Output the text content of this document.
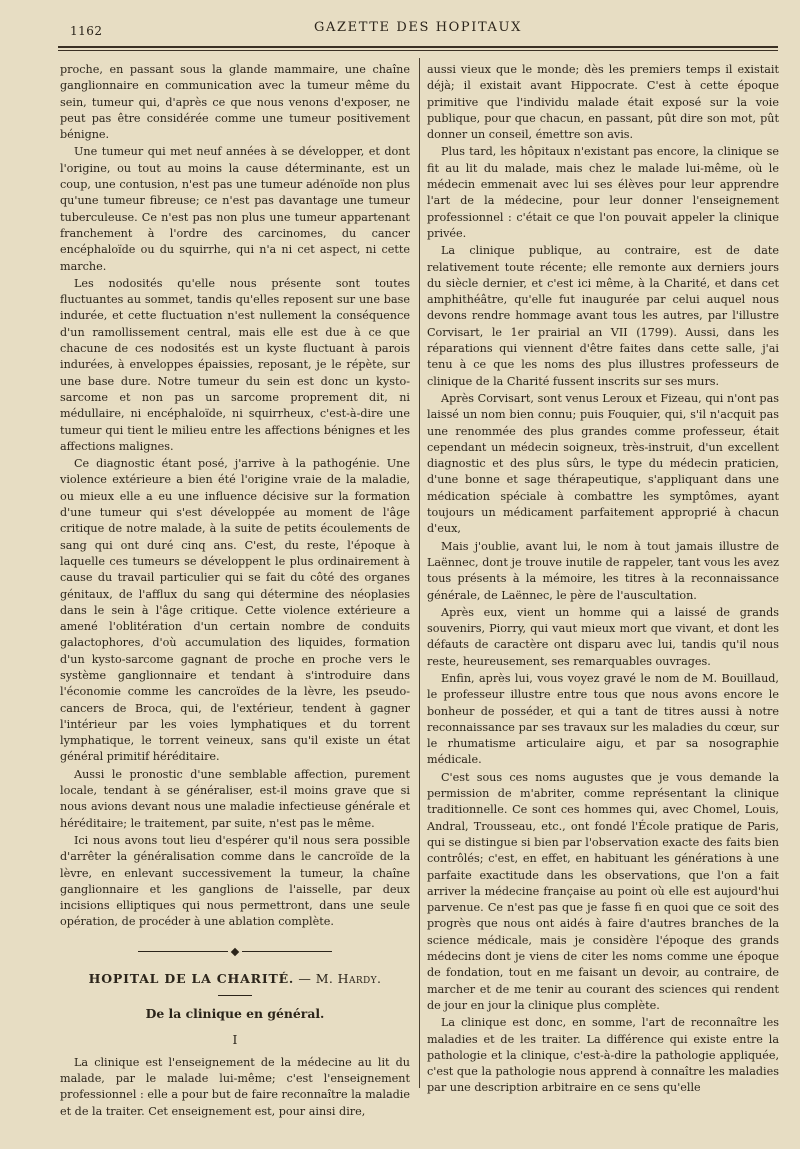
1162	GAZETTE DES HOPITAUX

proche, en passant sous la glande mammaire, une chaîne ganglionnaire en communication avec la tumeur même du sein, tumeur qui, d'après ce que nous venons d'exposer, ne peut pas être considérée comme une tumeur positivement bénigne.

Une tumeur qui met neuf années à se développer, et dont l'origine, ou tout au moins la cause déterminante, est un coup, une contusion, n'est pas une tumeur adénoïde non plus qu'une tumeur fibreuse; ce n'est pas davantage une tumeur tuberculeuse. Ce n'est pas non plus une tumeur appartenant franchement à l'ordre des carcinomes, du cancer encéphaloïde ou du squirrhe, qui n'a ni cet aspect, ni cette marche.

Les nodosités qu'elle nous présente sont toutes fluctuantes au sommet, tandis qu'elles reposent sur une base indurée, et cette fluctuation n'est nullement la conséquence d'un ramollissement central, mais elle est due à ce que chacune de ces nodosités est un kyste fluctuant à parois indurées, à enveloppes épaissies, reposant, je le répète, sur une base dure. Notre tumeur du sein est donc un kysto-sarcome et non pas un sarcome proprement dit, ni médullaire, ni encéphaloïde, ni squirrheux, c'est-à-dire une tumeur qui tient le milieu entre les affections bénignes et les affections malignes.

Ce diagnostic étant posé, j'arrive à la pathogénie. Une violence extérieure a bien été l'origine vraie de la maladie, ou mieux elle a eu une influence décisive sur la formation d'une tumeur qui s'est développée au moment de l'âge critique de notre malade, à la suite de petits écoulements de sang qui ont duré cinq ans. C'est, du reste, l'époque à laquelle ces tumeurs se développent le plus ordinairement à cause du travail particulier qui se fait du côté des organes génitaux, de l'afflux du sang qui détermine des néoplasies dans le sein à l'âge critique. Cette violence extérieure a amené l'oblitération d'un certain nombre de conduits galactophores, d'où accumulation des liquides, formation d'un kysto-sarcome gagnant de proche en proche vers le système ganglionnaire et tendant à s'introduire dans l'économie comme les cancroïdes de la lèvre, les pseudo-cancers de Broca, qui, de l'extérieur, tendent à gagner l'intérieur par les voies lymphatiques et du torrent lymphatique, le torrent veineux, sans qu'il existe un état général primitif héréditaire.

Aussi le pronostic d'une semblable affection, purement locale, tendant à se généraliser, est-il moins grave que si nous avions devant nous une maladie infectieuse générale et héréditaire; le traitement, par suite, n'est pas le même.

Ici nous avons tout lieu d'espérer qu'il nous sera possible d'arrêter la généralisation comme dans le cancroïde de la lèvre, en enlevant successivement la tumeur, la chaîne ganglionnaire et les ganglions de l'aisselle, par deux incisions elliptiques qui nous permettront, dans une seule opération, de procéder à une ablation complète.

HOPITAL DE LA CHARITÉ. — M. Hardy.
De la clinique en général.
I

La clinique est l'enseignement de la médecine au lit du malade, par le malade lui-même; c'est l'enseignement professionnel : elle a pour but de faire reconnaître la maladie et de la traiter. Cet enseignement est, pour ainsi dire,

aussi vieux que le monde; dès les premiers temps il existait déjà; il existait avant Hippocrate. C'est à cette époque primitive que l'individu malade était exposé sur la voie publique, pour que chacun, en passant, pût dire son mot, pût donner un conseil, émettre son avis.

Plus tard, les hôpitaux n'existant pas encore, la clinique se fit au lit du malade, mais chez le malade lui-même, où le médecin emmenait avec lui ses élèves pour leur apprendre l'art de la médecine, pour leur donner l'enseignement professionnel : c'était ce que l'on pouvait appeler la clinique privée.

La clinique publique, au contraire, est de date relativement toute récente; elle remonte aux derniers jours du siècle dernier, et c'est ici même, à la Charité, et dans cet amphithéâtre, qu'elle fut inaugurée par celui auquel nous devons rendre hommage avant tous les autres, par l'illustre Corvisart, le 1er prairial an VII (1799). Aussi, dans les réparations qui viennent d'être faites dans cette salle, j'ai tenu à ce que les noms des plus illustres professeurs de clinique de la Charité fussent inscrits sur ses murs.

Après Corvisart, sont venus Leroux et Fizeau, qui n'ont pas laissé un nom bien connu; puis Fouquier, qui, s'il n'acquit pas une renommée des plus grandes comme professeur, était cependant un médecin soigneux, très-instruit, d'un excellent diagnostic et des plus sûrs, le type du médecin praticien, d'une bonne et sage thérapeutique, s'appliquant dans une médication spéciale à combattre les symptômes, ayant toujours un médicament parfaitement approprié à chacun d'eux,

Mais j'oublie, avant lui, le nom à tout jamais illustre de Laënnec, dont je trouve inutile de rappeler, tant vous les avez tous présents à la mémoire, les titres à la reconnaissance générale, de Laënnec, le père de l'auscultation.

Après eux, vient un homme qui a laissé de grands souvenirs, Piorry, qui vaut mieux mort que vivant, et dont les défauts de caractère ont disparu avec lui, tandis qu'il nous reste, heureusement, ses remarquables ouvrages.

Enfin, après lui, vous voyez gravé le nom de M. Bouillaud, le professeur illustre entre tous que nous avons encore le bonheur de posséder, et qui a tant de titres aussi à notre reconnaissance par ses travaux sur les maladies du cœur, sur le rhumatisme articulaire aigu, et par sa nosographie médicale.

C'est sous ces noms augustes que je vous demande la permission de m'abriter, comme représentant la clinique traditionnelle. Ce sont ces hommes qui, avec Chomel, Louis, Andral, Trousseau, etc., ont fondé l'École pratique de Paris, qui se distingue si bien par l'observation exacte des faits bien contrôlés; c'est, en effet, en habituant les générations à une parfaite exactitude dans les observations, que l'on a fait arriver la médecine française au point où elle est aujourd'hui parvenue. Ce n'est pas que je fasse fi en quoi que ce soit des progrès que nous ont aidés à faire d'autres branches de la science médicale, mais je considère l'époque des grands médecins dont je viens de citer les noms comme une époque de fondation, tout en me faisant un devoir, au contraire, de marcher et de me tenir au courant des sciences qui rendent de jour en jour la clinique plus complète.

La clinique est donc, en somme, l'art de reconnaître les maladies et de les traiter. La différence qui existe entre la pathologie et la clinique, c'est-à-dire la pathologie appliquée, c'est que la pathologie nous apprend à connaître les maladies par une description arbitraire en ce sens qu'elle
